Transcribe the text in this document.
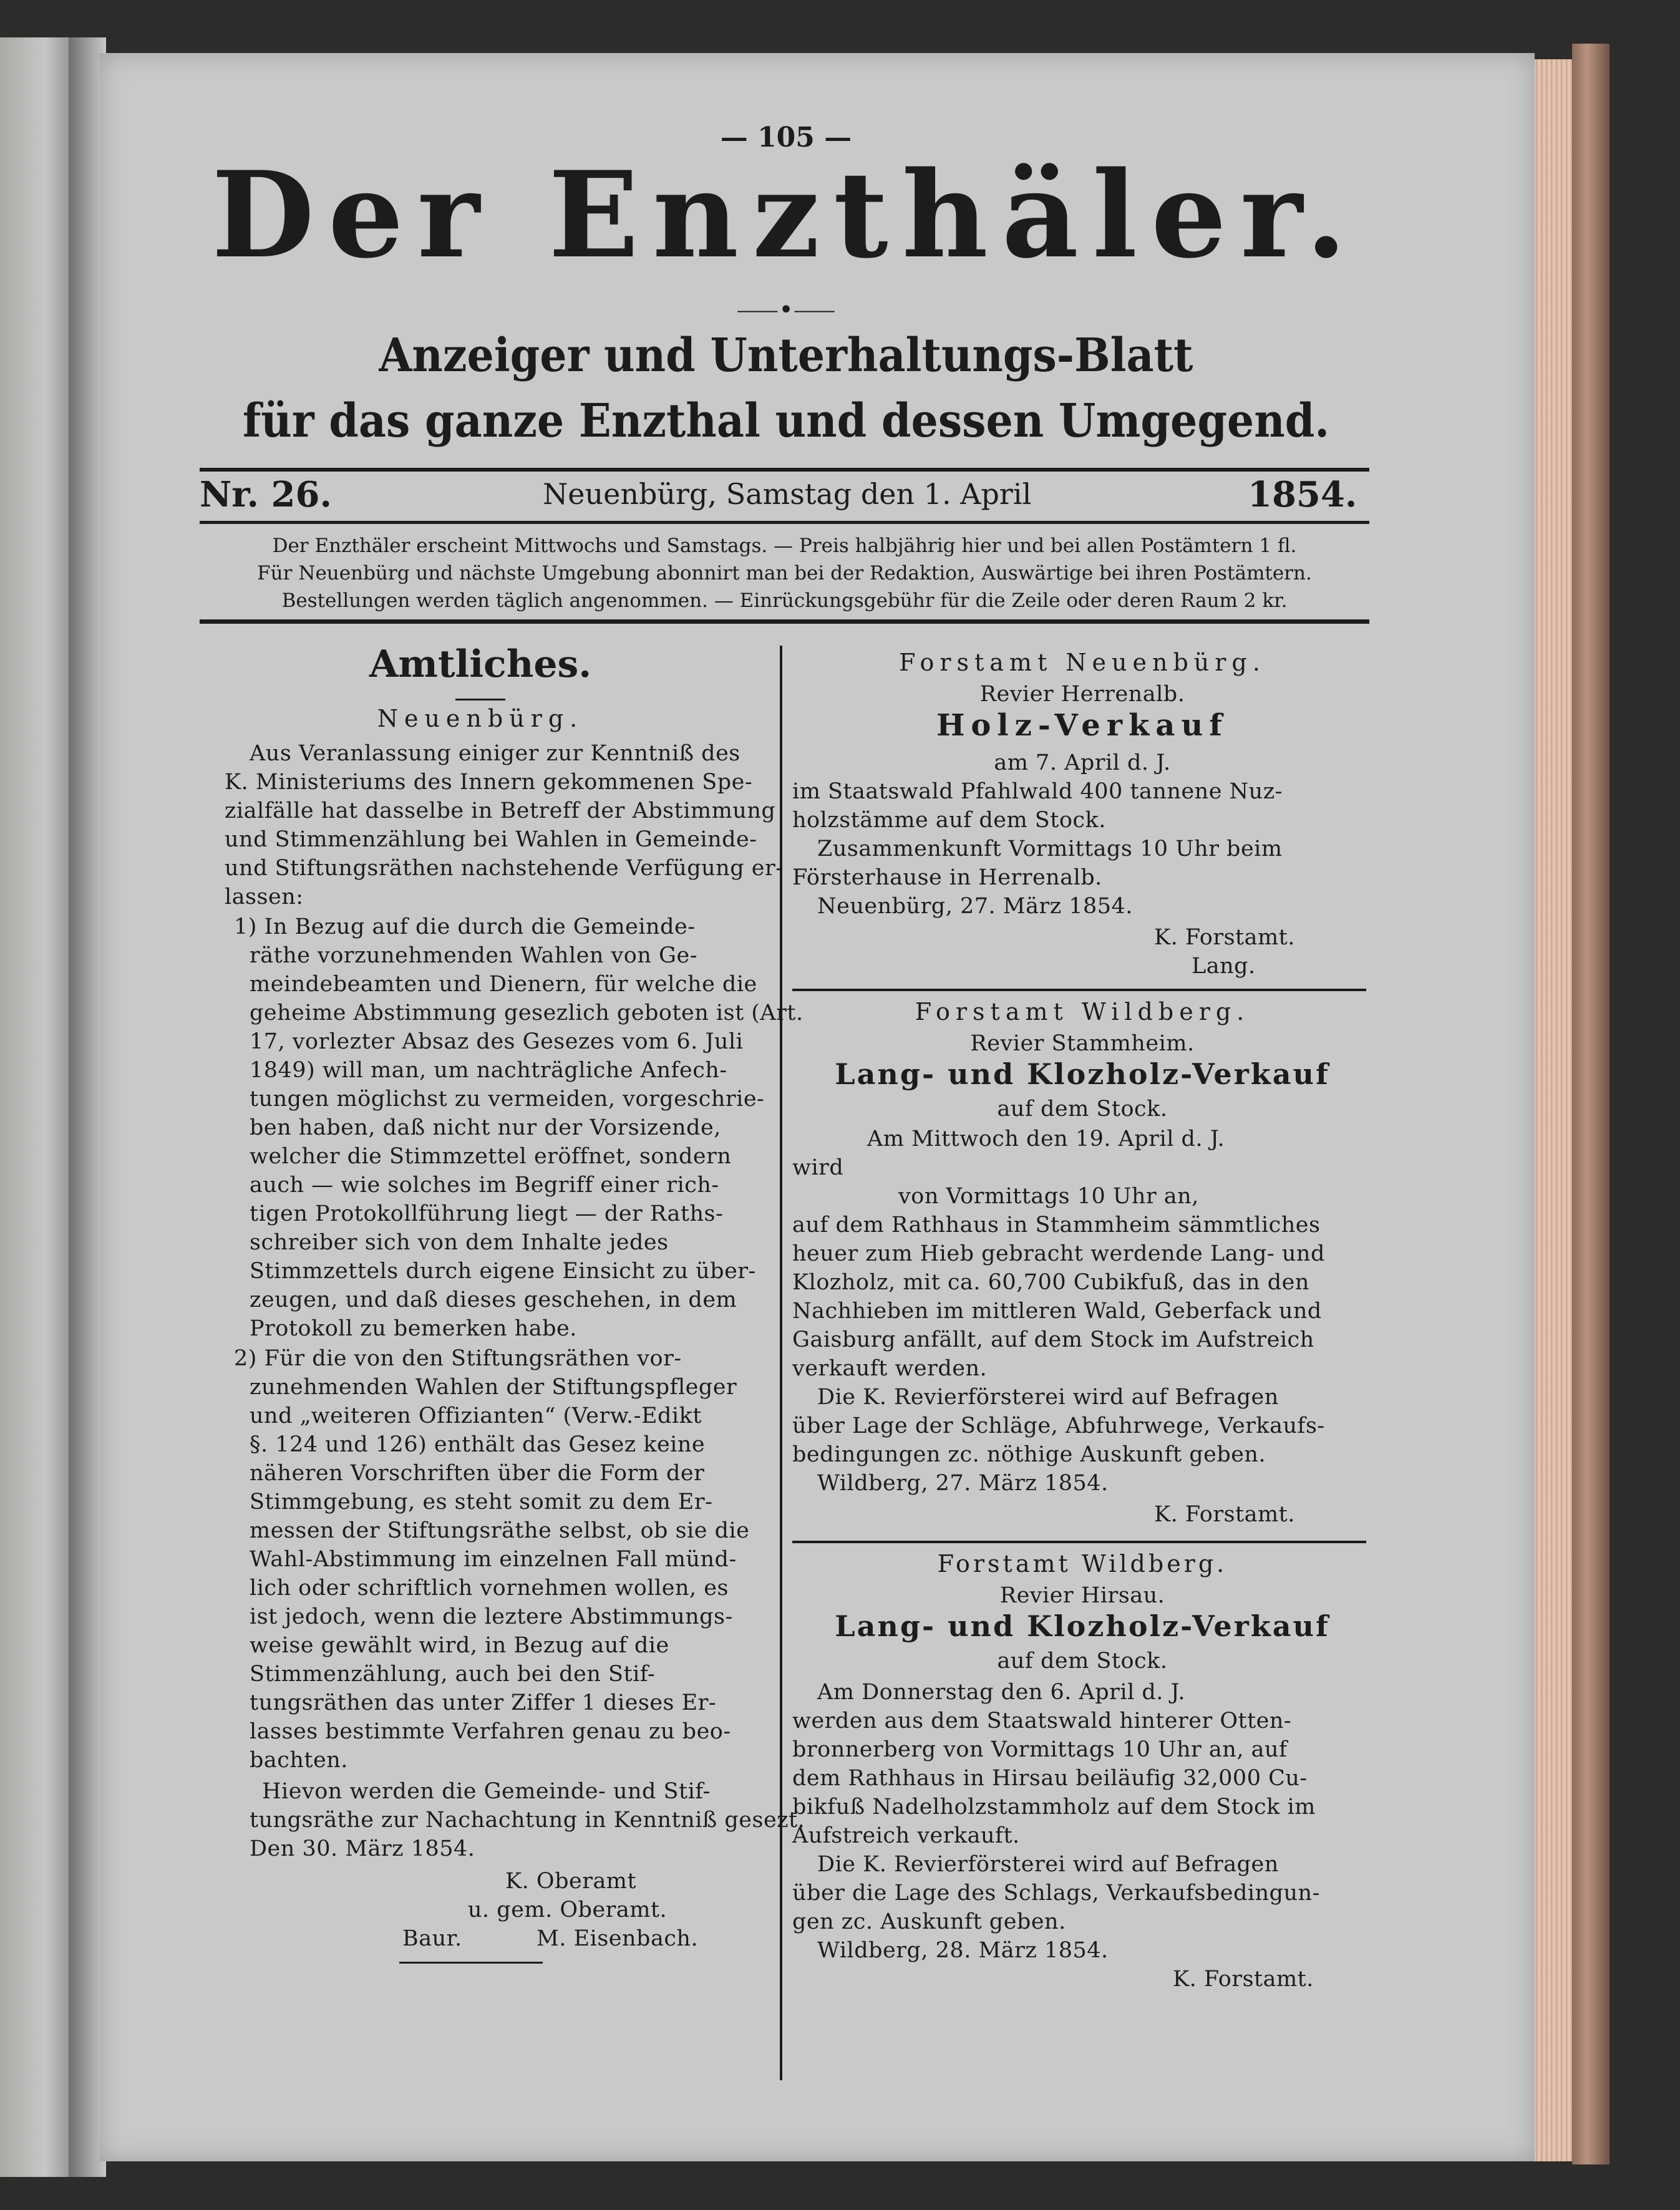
— 105 —
Der Enzthäler.
⸺•⸺
Anzeiger und Unterhaltungs-Blatt
für das ganze Enzthal und dessen Umgegend.
Nr. 26.	Neuenbürg, Samstag den 1. April	1854.
Der Enzthäler erscheint Mittwochs und Samstags. — Preis halbjährig hier und bei allen Postämtern 1 fl.
Für Neuenbürg und nächste Umgebung abonnirt man bei der Redaktion, Auswärtige bei ihren Postämtern.
Bestellungen werden täglich angenommen. — Einrückungsgebühr für die Zeile oder deren Raum 2 kr.
Amtliches.
Neuenbürg.
Aus Veranlassung einiger zur Kenntniß des
K. Ministeriums des Innern gekommenen Spe-
zialfälle hat dasselbe in Betreff der Abstimmung
und Stimmenzählung bei Wahlen in Gemeinde-
und Stiftungsräthen nachstehende Verfügung er-
lassen:
1) In Bezug auf die durch die Gemeinde-
räthe vorzunehmenden Wahlen von Ge-
meindebeamten und Dienern, für welche die
geheime Abstimmung gesezlich geboten ist (Art.
17, vorlezter Absaz des Gesezes vom 6. Juli
1849) will man, um nachträgliche Anfech-
tungen möglichst zu vermeiden, vorgeschrie-
ben haben, daß nicht nur der Vorsizende,
welcher die Stimmzettel eröffnet, sondern
auch — wie solches im Begriff einer rich-
tigen Protokollführung liegt — der Raths-
schreiber sich von dem Inhalte jedes
Stimmzettels durch eigene Einsicht zu über-
zeugen, und daß dieses geschehen, in dem
Protokoll zu bemerken habe.
2) Für die von den Stiftungsräthen vor-
zunehmenden Wahlen der Stiftungspfleger
und „weiteren Offizianten“ (Verw.-Edikt
§. 124 und 126) enthält das Gesez keine
näheren Vorschriften über die Form der
Stimmgebung, es steht somit zu dem Er-
messen der Stiftungsräthe selbst, ob sie die
Wahl-Abstimmung im einzelnen Fall münd-
lich oder schriftlich vornehmen wollen, es
ist jedoch, wenn die leztere Abstimmungs-
weise gewählt wird, in Bezug auf die
Stimmenzählung, auch bei den Stif-
tungsräthen das unter Ziffer 1 dieses Er-
lasses bestimmte Verfahren genau zu beo-
bachten.
Hievon werden die Gemeinde- und Stif-
tungsräthe zur Nachachtung in Kenntniß gesezt.
Den 30. März 1854.
K. Oberamt
u. gem. Oberamt.
Baur.	M. Eisenbach.
Forstamt Neuenbürg.
Revier Herrenalb.
Holz-Verkauf
am 7. April d. J.
im Staatswald Pfahlwald 400 tannene Nuz-
holzstämme auf dem Stock.
Zusammenkunft Vormittags 10 Uhr beim
Försterhause in Herrenalb.
Neuenbürg, 27. März 1854.
K. Forstamt.
Lang.
Forstamt Wildberg.
Revier Stammheim.
Lang- und Klozholz-Verkauf
auf dem Stock.
Am Mittwoch den 19. April d. J.
wird
von Vormittags 10 Uhr an,
auf dem Rathhaus in Stammheim sämmtliches
heuer zum Hieb gebracht werdende Lang- und
Klozholz, mit ca. 60,700 Cubikfuß, das in den
Nachhieben im mittleren Wald, Geberfack und
Gaisburg anfällt, auf dem Stock im Aufstreich
verkauft werden.
Die K. Revierförsterei wird auf Befragen
über Lage der Schläge, Abfuhrwege, Verkaufs-
bedingungen zc. nöthige Auskunft geben.
Wildberg, 27. März 1854.
K. Forstamt.
Forstamt Wildberg.
Revier Hirsau.
Lang- und Klozholz-Verkauf
auf dem Stock.
Am Donnerstag den 6. April d. J.
werden aus dem Staatswald hinterer Otten-
bronnerberg von Vormittags 10 Uhr an, auf
dem Rathhaus in Hirsau beiläufig 32,000 Cu-
bikfuß Nadelholzstammholz auf dem Stock im
Aufstreich verkauft.
Die K. Revierförsterei wird auf Befragen
über die Lage des Schlags, Verkaufsbedingun-
gen zc. Auskunft geben.
Wildberg, 28. März 1854.
K. Forstamt.
